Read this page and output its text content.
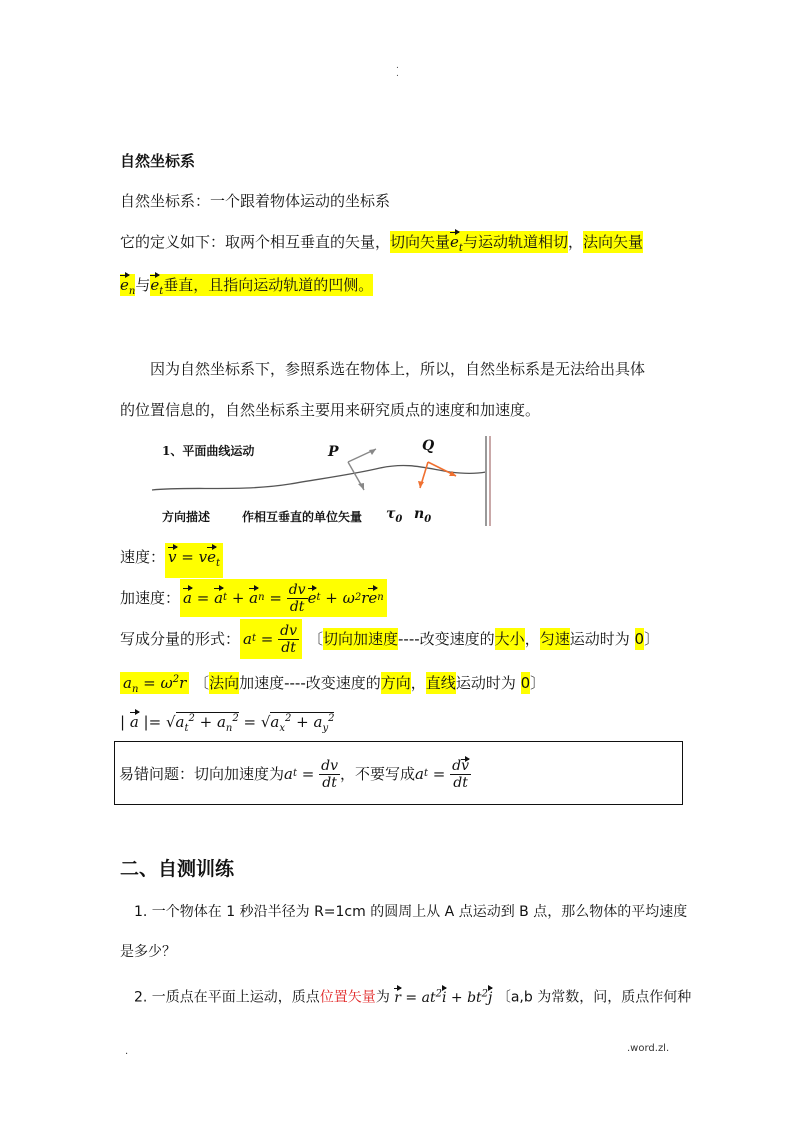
.
.
自然坐标系
自然坐标系：一个跟着物体运动的坐标系
它的定义如下：取两个相互垂直的矢量，切向矢量$e_t$与运动轨道相切，法向矢量
$e_n$与$e_t$垂直，且指向运动轨道的凹侧。
因为自然坐标系下，参照系选在物体上，所以，自然坐标系是无法给出具体
的位置信息的，自然坐标系主要用来研究质点的速度和加速度。
1、平面曲线运动	P	Q
方向描述	作相互垂直的单位矢量 $\tau_0$ $n_0$
速度： $v = ve_t$
加速度： a = a t + a $n = \frac{dv}{dt}$ e t + ω 2 r e n
写成分量的形式： a $t = \frac{dv}{dt}$ 〔切向加速度----改变速度的大小，匀速运动时为 0〕
$a_n = \omega^2r$ 〔法向加速度----改变速度的方向，直线运动时为 0〕
| a |= $√a_t^2 + a_n^2 = √a_x^2 + a_y^2$
易错问题：切向加速度为 a $t = \frac{dv}{dt}$ ，不要写成 a $t = \frac{dv}{dt}$
二、自测训练
1. 一个物体在 1 秒沿半径为 R=1cm 的圆周上从 A 点运动到 B 点，那么物体的平均速度
是多少？
2. 一质点在平面上运动，质点位置矢量为 $r = at^2i + bt^2j$ 〔a,b 为常数，问，质点作何种
.	.word.zl.
